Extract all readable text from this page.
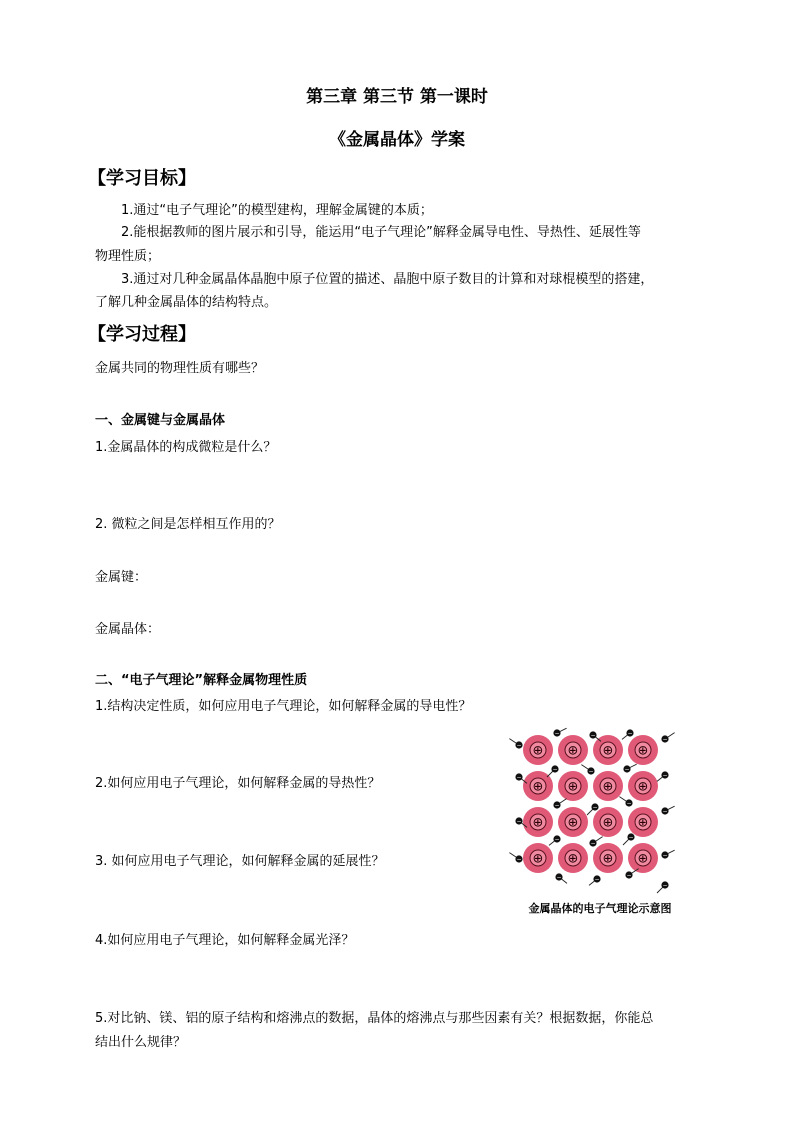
第三章 第三节 第一课时
《金属晶体》学案
【学习目标】
1.通过“电子气理论”的模型建构，理解金属键的本质；
2.能根据教师的图片展示和引导，能运用“电子气理论”解释金属导电性、导热性、延展性等
物理性质；
3.通过对几种金属晶体晶胞中原子位置的描述、晶胞中原子数目的计算和对球棍模型的搭建，
了解几种金属晶体的结构特点。
【学习过程】
金属共同的物理性质有哪些？
一、金属键与金属晶体
1.金属晶体的构成微粒是什么？
2. 微粒之间是怎样相互作用的？
金属键：
金属晶体：
二、“电子气理论”解释金属物理性质
1.结构决定性质，如何应用电子气理论，如何解释金属的导电性？
2.如何应用电子气理论，如何解释金属的导热性？
3. 如何应用电子气理论，如何解释金属的延展性？
4.如何应用电子气理论，如何解释金属光泽？
5.对比钠、镁、铝的原子结构和熔沸点的数据，晶体的熔沸点与那些因素有关？根据数据，你能总
结出什么规律？
⊕ ⊕ ⊕ ⊕
⊕ ⊕ ⊕ ⊕
⊕ ⊕ ⊕ ⊕
⊕ ⊕ ⊕ ⊕
−
−	−	−
−
−	−	−
−	−
−	−
−
−
−
−
−
−
−
−
−	−
−
−
金属晶体的电子气理论示意图
